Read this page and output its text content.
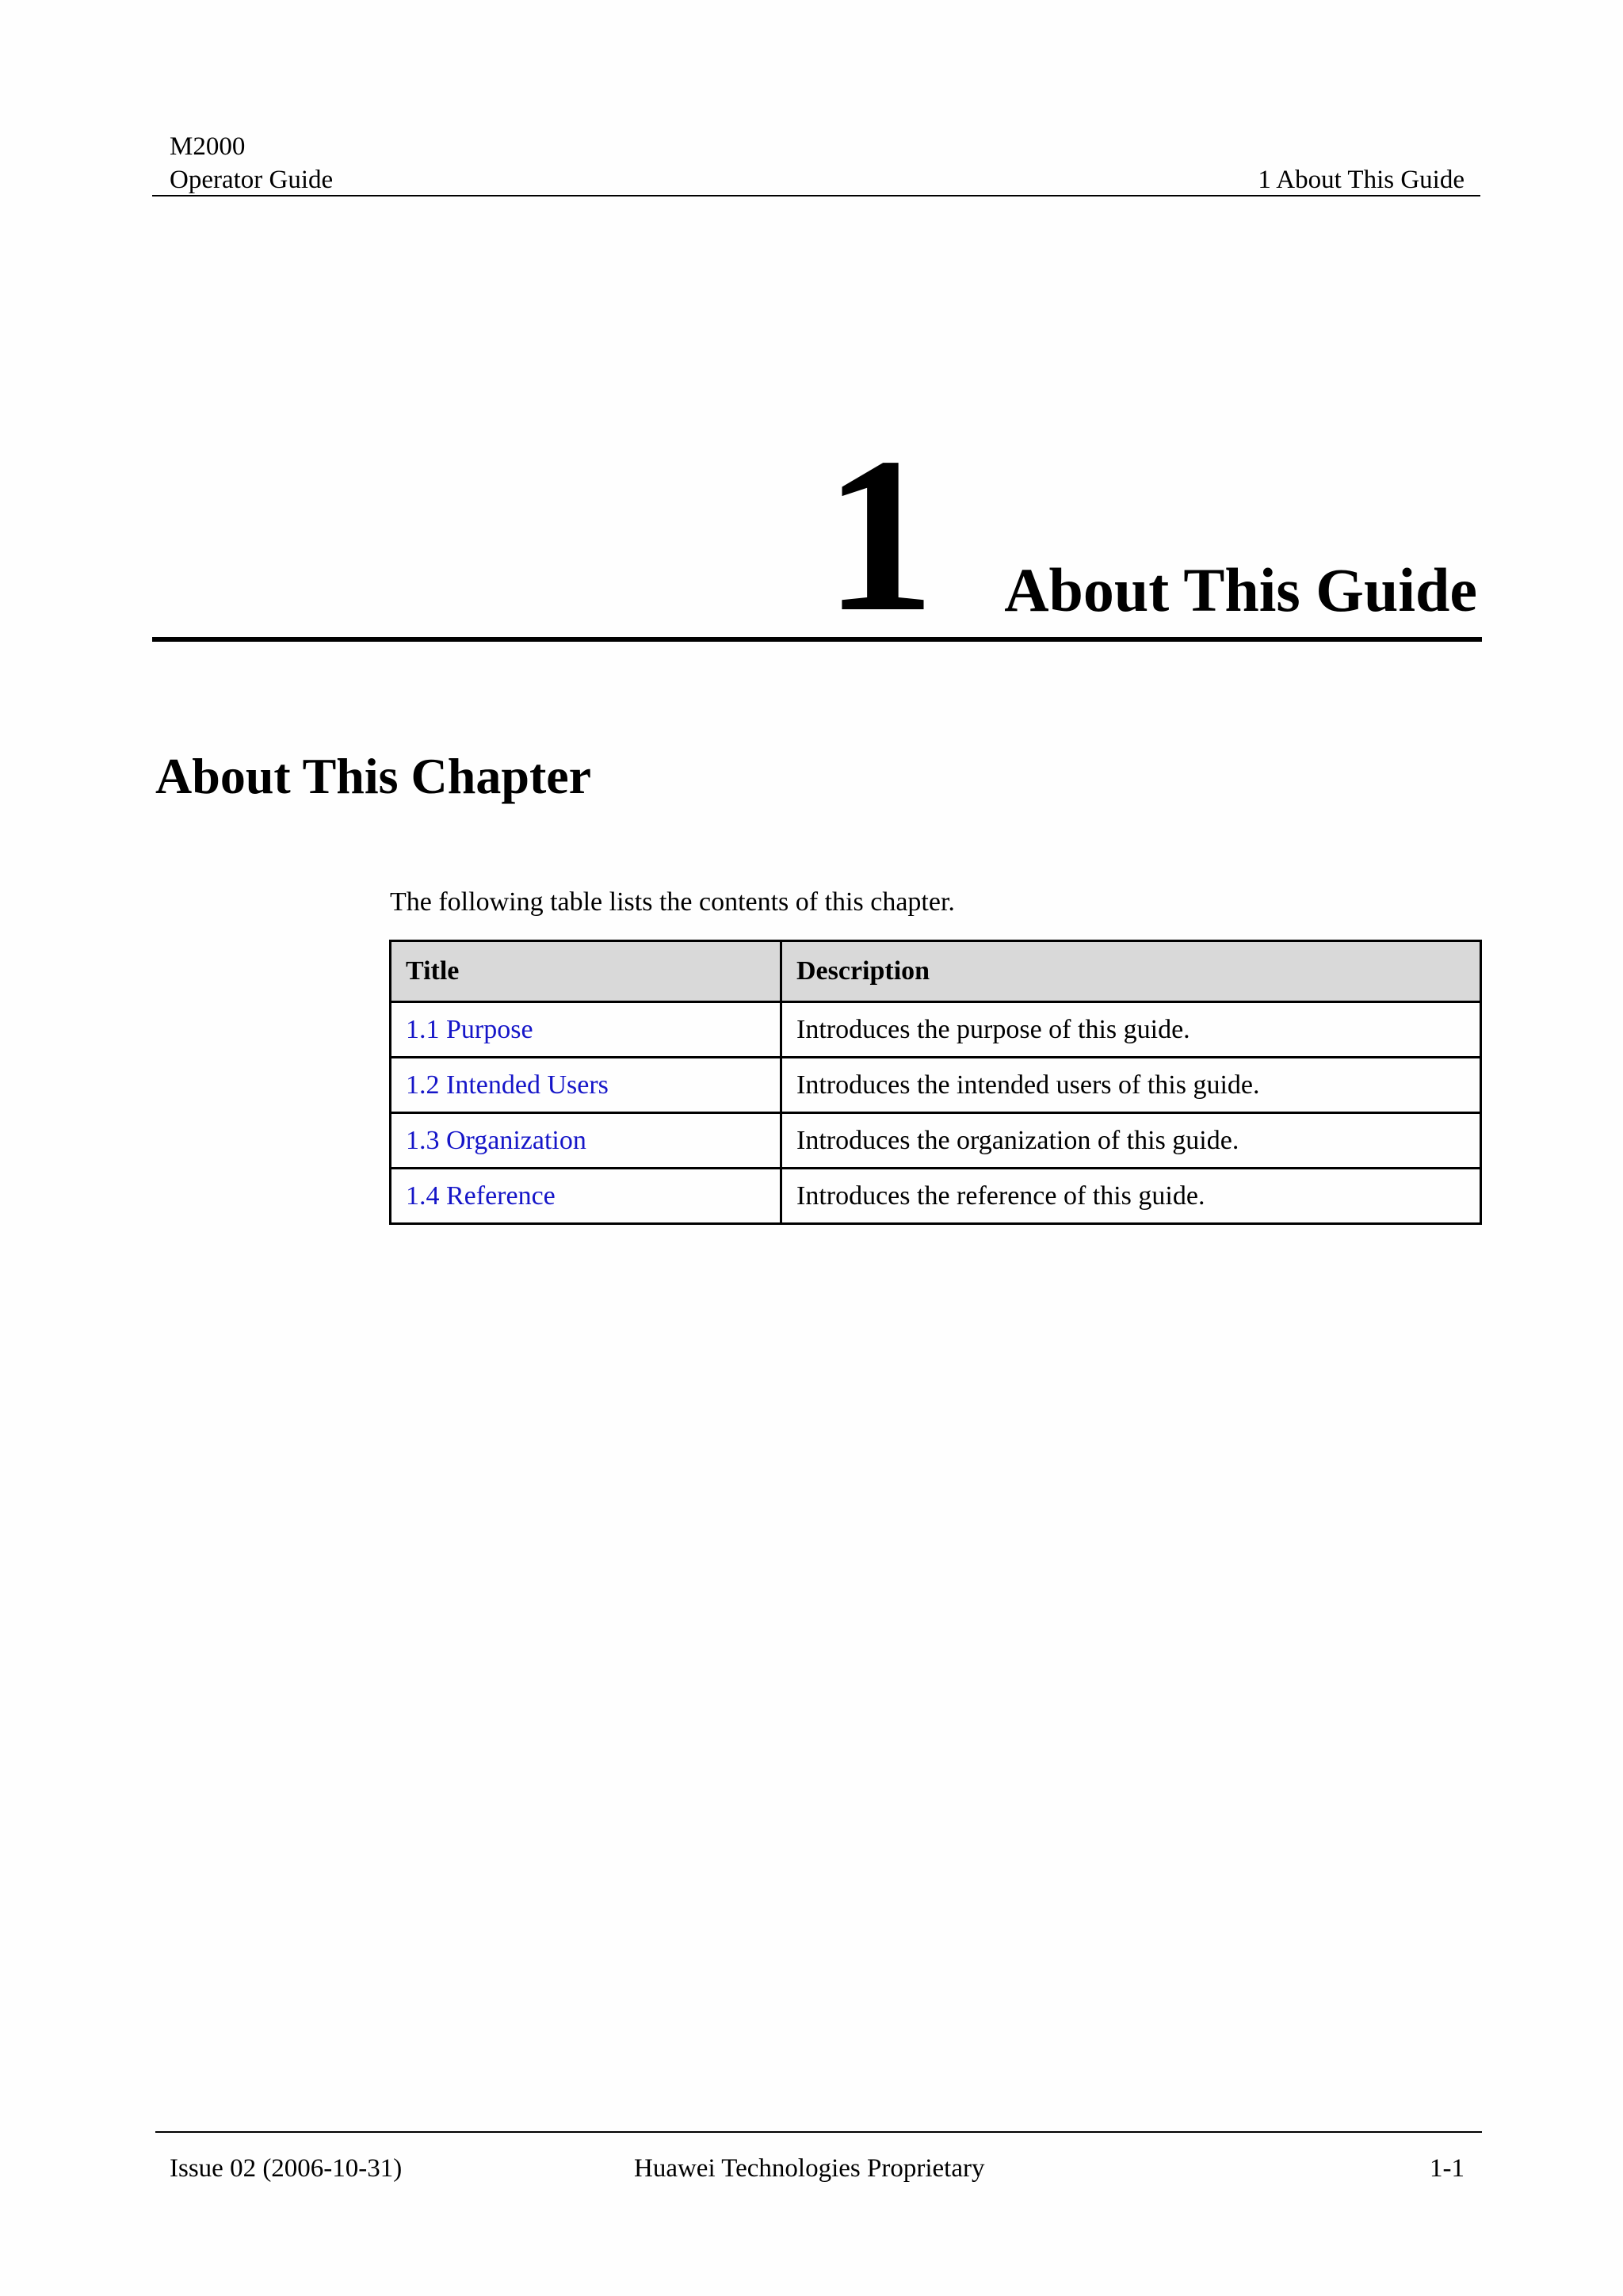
M2000
Operator Guide	1 About This Guide
1 About This Guide
About This Chapter
The following table lists the contents of this chapter.
Title	Description
1.1 Purpose	Introduces the purpose of this guide.
1.2 Intended Users	Introduces the intended users of this guide.
1.3 Organization	Introduces the organization of this guide.
1.4 Reference	Introduces the reference of this guide.
Issue 02 (2006-10-31)	Huawei Technologies Proprietary	1-1
